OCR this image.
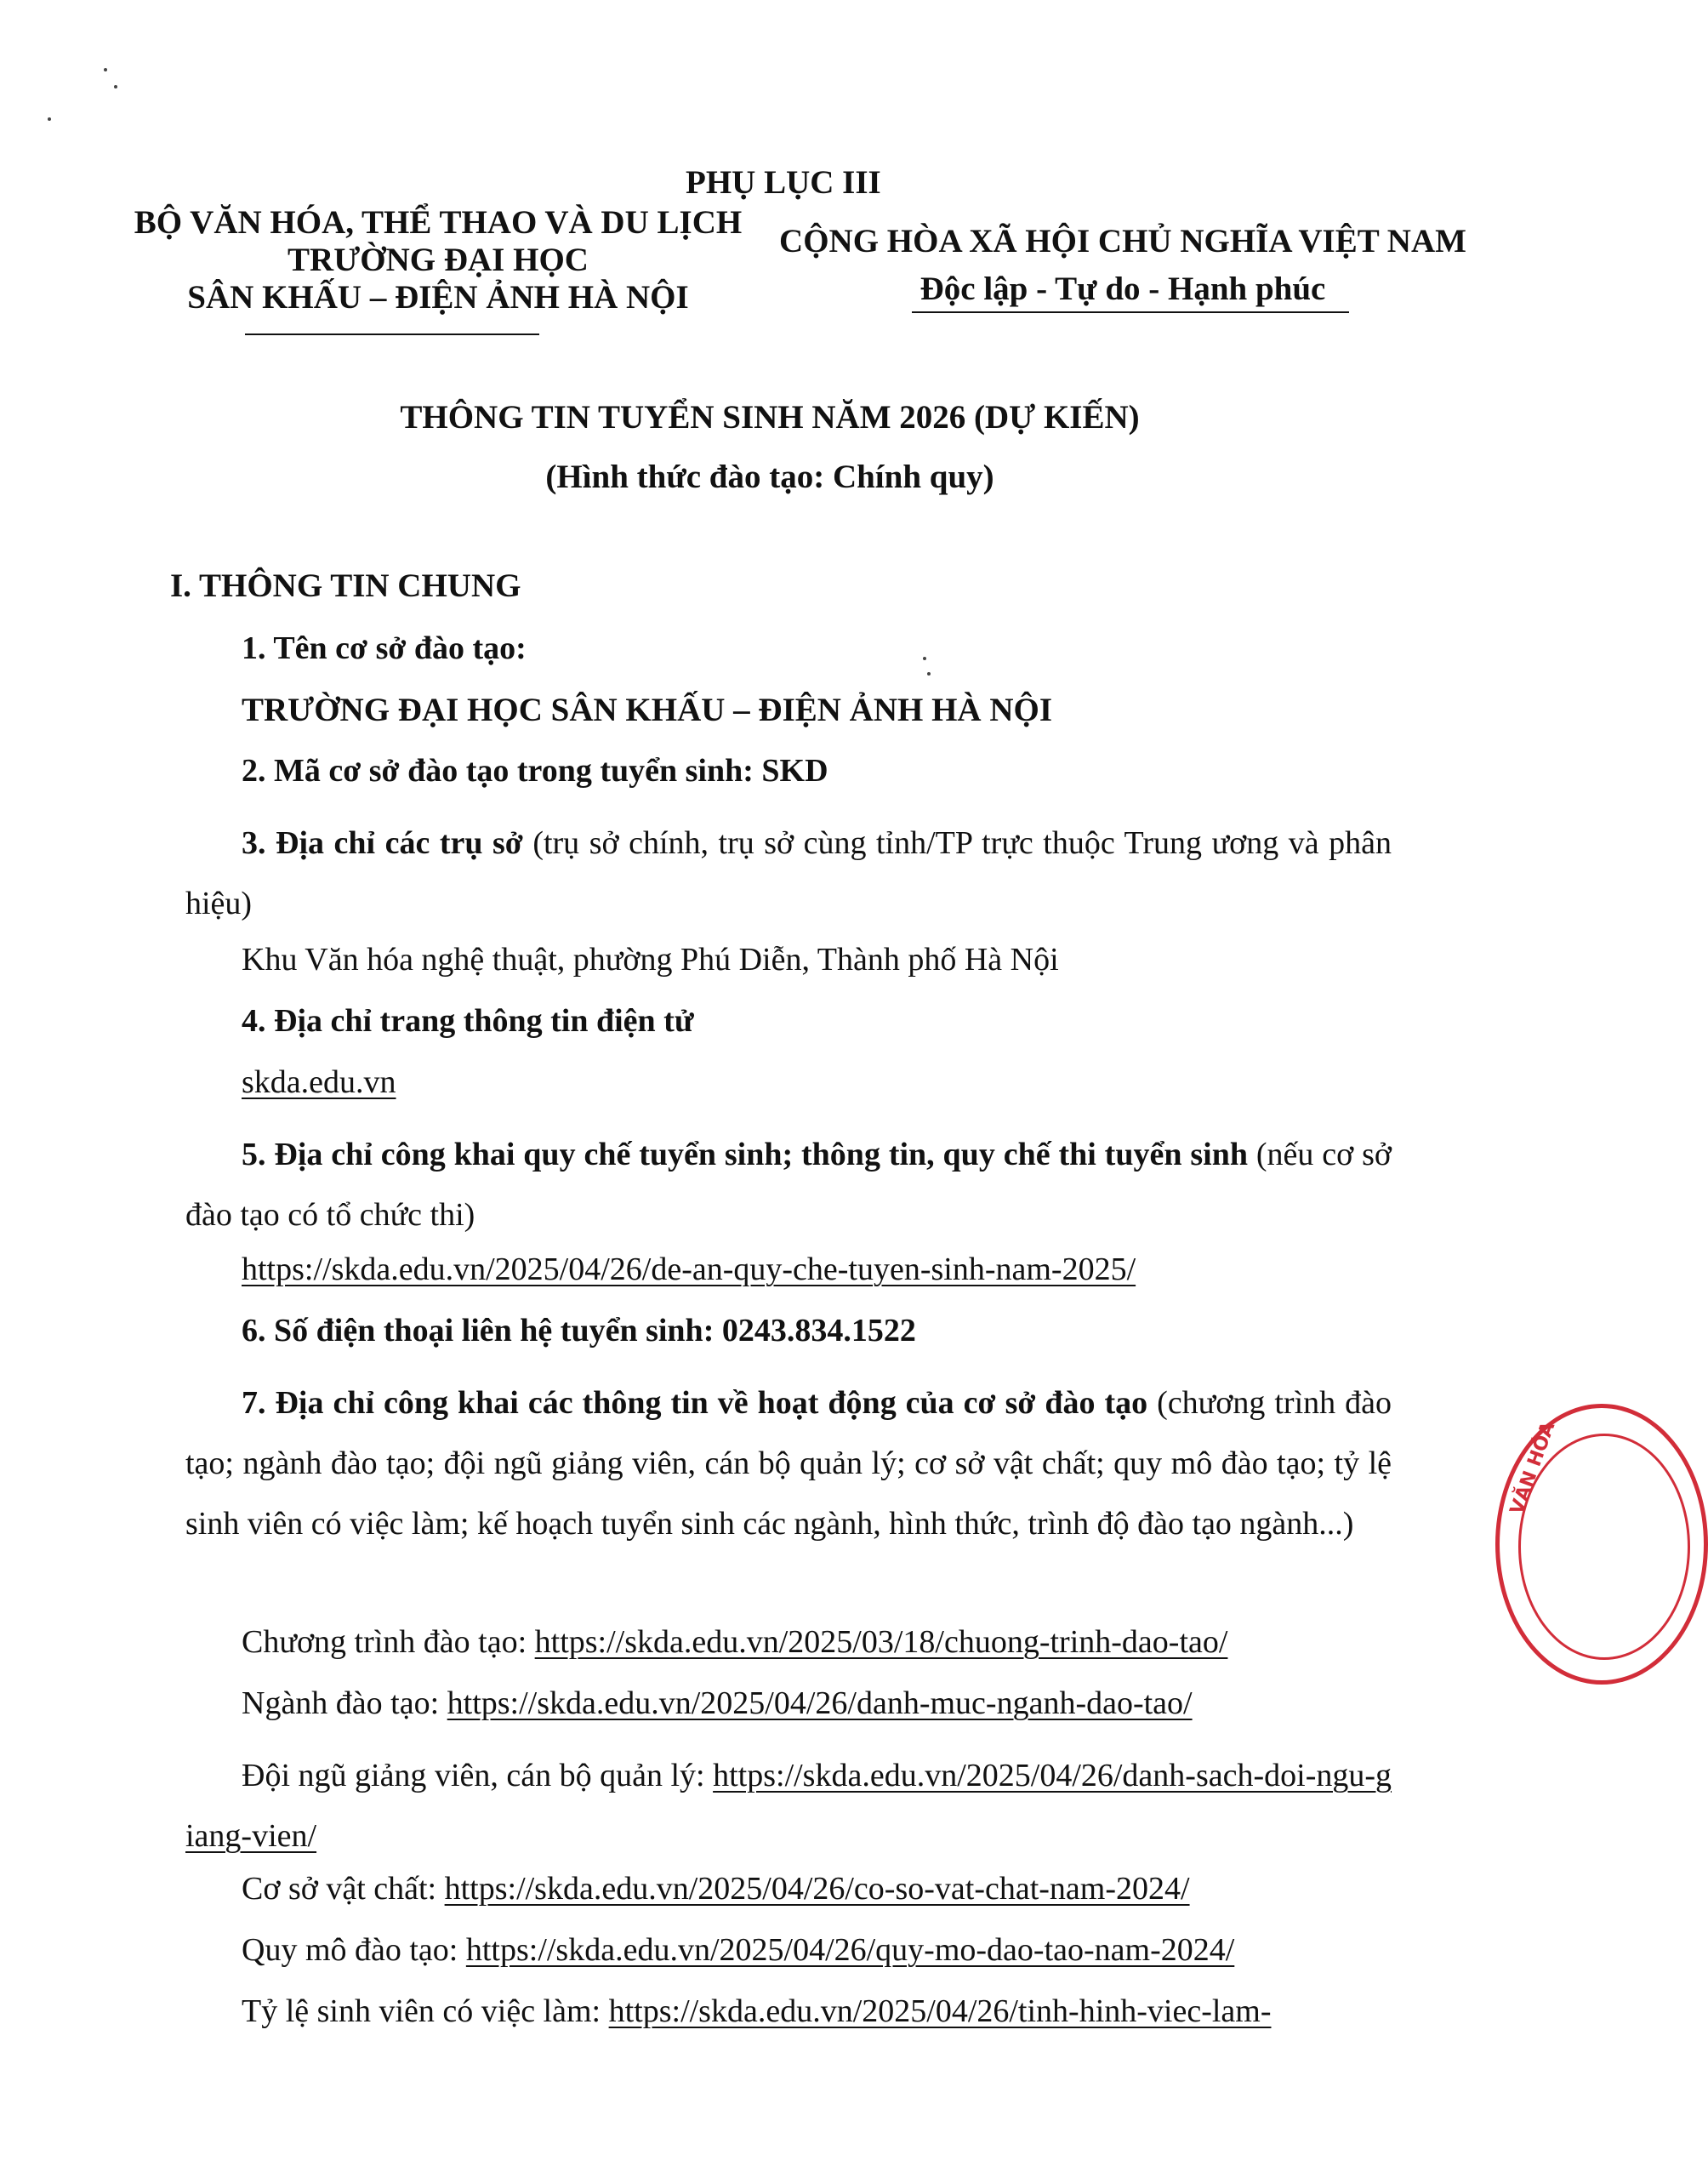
PHỤ LỤC III
BỘ VĂN HÓA, THỂ THAO VÀ DU LỊCH
TRƯỜNG ĐẠI HỌC
SÂN KHẤU – ĐIỆN ẢNH HÀ NỘI
CỘNG HÒA XÃ HỘI CHỦ NGHĨA VIỆT NAM
Độc lập - Tự do - Hạnh phúc
THÔNG TIN TUYỂN SINH NĂM 2026 (DỰ KIẾN)
(Hình thức đào tạo: Chính quy)
I. THÔNG TIN CHUNG
1. Tên cơ sở đào tạo:
TRƯỜNG ĐẠI HỌC SÂN KHẤU – ĐIỆN ẢNH HÀ NỘI
2. Mã cơ sở đào tạo trong tuyển sinh: SKD
3. Địa chỉ các trụ sở (trụ sở chính, trụ sở cùng tỉnh/TP trực thuộc Trung ương và phân hiệu)
Khu Văn hóa nghệ thuật, phường Phú Diễn, Thành phố Hà Nội
4. Địa chỉ trang thông tin điện tử
skda.edu.vn
5. Địa chỉ công khai quy chế tuyển sinh; thông tin, quy chế thi tuyển sinh (nếu cơ sở đào tạo có tổ chức thi)
https://skda.edu.vn/2025/04/26/de-an-quy-che-tuyen-sinh-nam-2025/
6. Số điện thoại liên hệ tuyển sinh: 0243.834.1522
7. Địa chỉ công khai các thông tin về hoạt động của cơ sở đào tạo (chương trình đào tạo; ngành đào tạo; đội ngũ giảng viên, cán bộ quản lý; cơ sở vật chất; quy mô đào tạo; tỷ lệ sinh viên có việc làm; kế hoạch tuyển sinh các ngành, hình thức, trình độ đào tạo ngành...)
Chương trình đào tạo: https://skda.edu.vn/2025/03/18/chuong-trinh-dao-tao/
Ngành đào tạo: https://skda.edu.vn/2025/04/26/danh-muc-nganh-dao-tao/
Đội ngũ giảng viên, cán bộ quản lý: https://skda.edu.vn/2025/04/26/danh-sach-doi-ngu-giang-vien/
Cơ sở vật chất: https://skda.edu.vn/2025/04/26/co-so-vat-chat-nam-2024/
Quy mô đào tạo: https://skda.edu.vn/2025/04/26/quy-mo-dao-tao-nam-2024/
Tỷ lệ sinh viên có việc làm: https://skda.edu.vn/2025/04/26/tinh-hinh-viec-lam-
VĂN HÓA
